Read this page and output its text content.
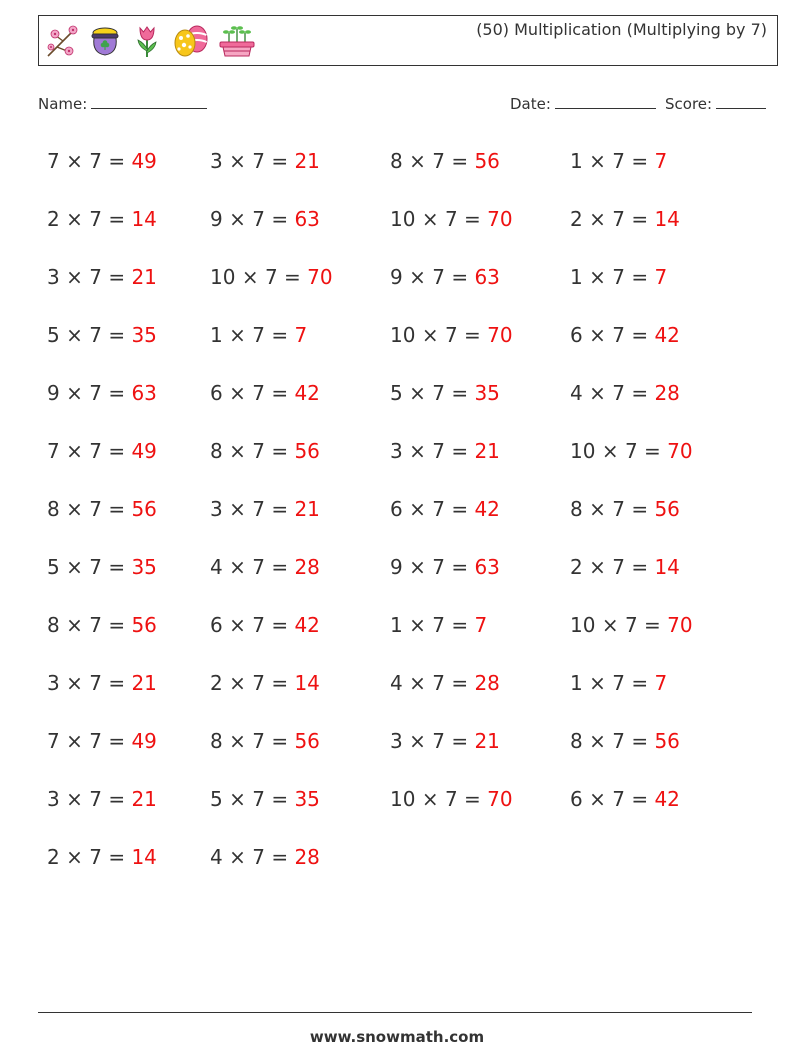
(50) Multiplication (Multiplying by 7)
Name:	Date:	Score:
7 × 7 = 49
2 × 7 = 14
3 × 7 = 21
5 × 7 = 35
9 × 7 = 63
7 × 7 = 49
8 × 7 = 56
5 × 7 = 35
8 × 7 = 56
3 × 7 = 21
7 × 7 = 49
3 × 7 = 21
2 × 7 = 14
3 × 7 = 21
9 × 7 = 63
10 × 7 = 70
1 × 7 = 7
6 × 7 = 42
8 × 7 = 56
3 × 7 = 21
4 × 7 = 28
6 × 7 = 42
2 × 7 = 14
8 × 7 = 56
5 × 7 = 35
4 × 7 = 28
8 × 7 = 56
10 × 7 = 70
9 × 7 = 63
10 × 7 = 70
5 × 7 = 35
3 × 7 = 21
6 × 7 = 42
9 × 7 = 63
1 × 7 = 7
4 × 7 = 28
3 × 7 = 21
10 × 7 = 70
1 × 7 = 7
2 × 7 = 14
1 × 7 = 7
6 × 7 = 42
4 × 7 = 28
10 × 7 = 70
8 × 7 = 56
2 × 7 = 14
10 × 7 = 70
1 × 7 = 7
8 × 7 = 56
6 × 7 = 42
www.snowmath.com
